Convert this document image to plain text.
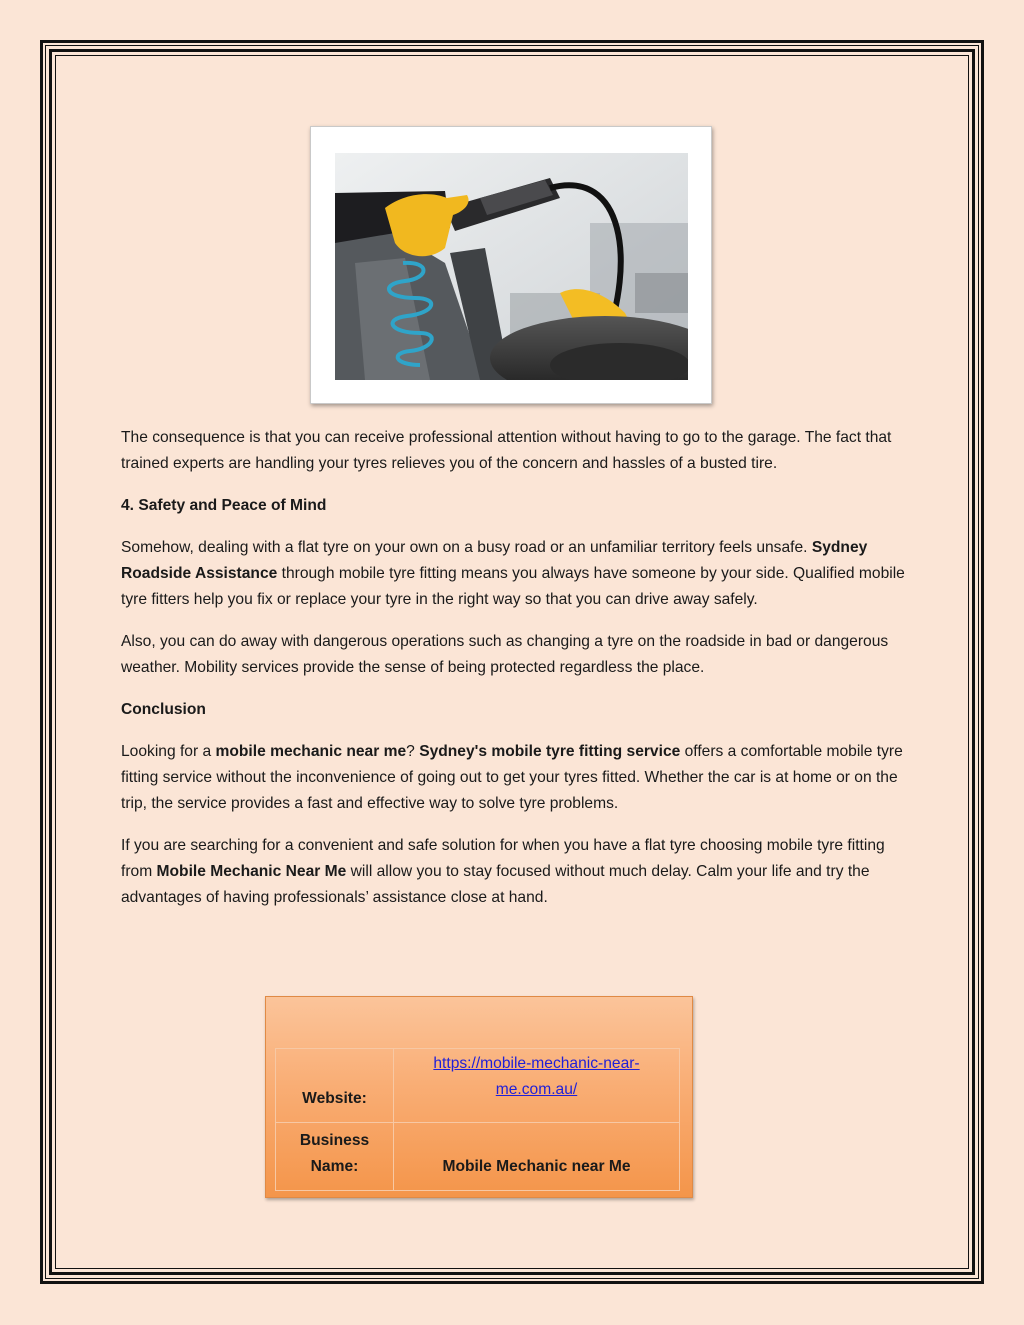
The consequence is that you can receive professional attention without having to go to the garage. The fact that trained experts are handling your tyres relieves you of the concern and hassles of a busted tire.

4. Safety and Peace of Mind

Somehow, dealing with a flat tyre on your own on a busy road or an unfamiliar territory feels unsafe. Sydney Roadside Assistance through mobile tyre fitting means you always have someone by your side. Qualified mobile tyre fitters help you fix or replace your tyre in the right way so that you can drive away safely.

Also, you can do away with dangerous operations such as changing a tyre on the roadside in bad or dangerous weather. Mobility services provide the sense of being protected regardless the place.

Conclusion

Looking for a mobile mechanic near me? Sydney's mobile tyre fitting service offers a comfortable mobile tyre fitting service without the inconvenience of going out to get your tyres fitted. Whether the car is at home or on the trip, the service provides a fast and effective way to solve tyre problems.

If you are searching for a convenient and safe solution for when you have a flat tyre choosing mobile tyre fitting from Mobile Mechanic Near Me will allow you to stay focused without much delay. Calm your life and try the advantages of having professionals’ assistance close at hand.

Website:	https://mobile-mechanic-near-
me.com.au/
Business
Name:	Mobile Mechanic near Me
